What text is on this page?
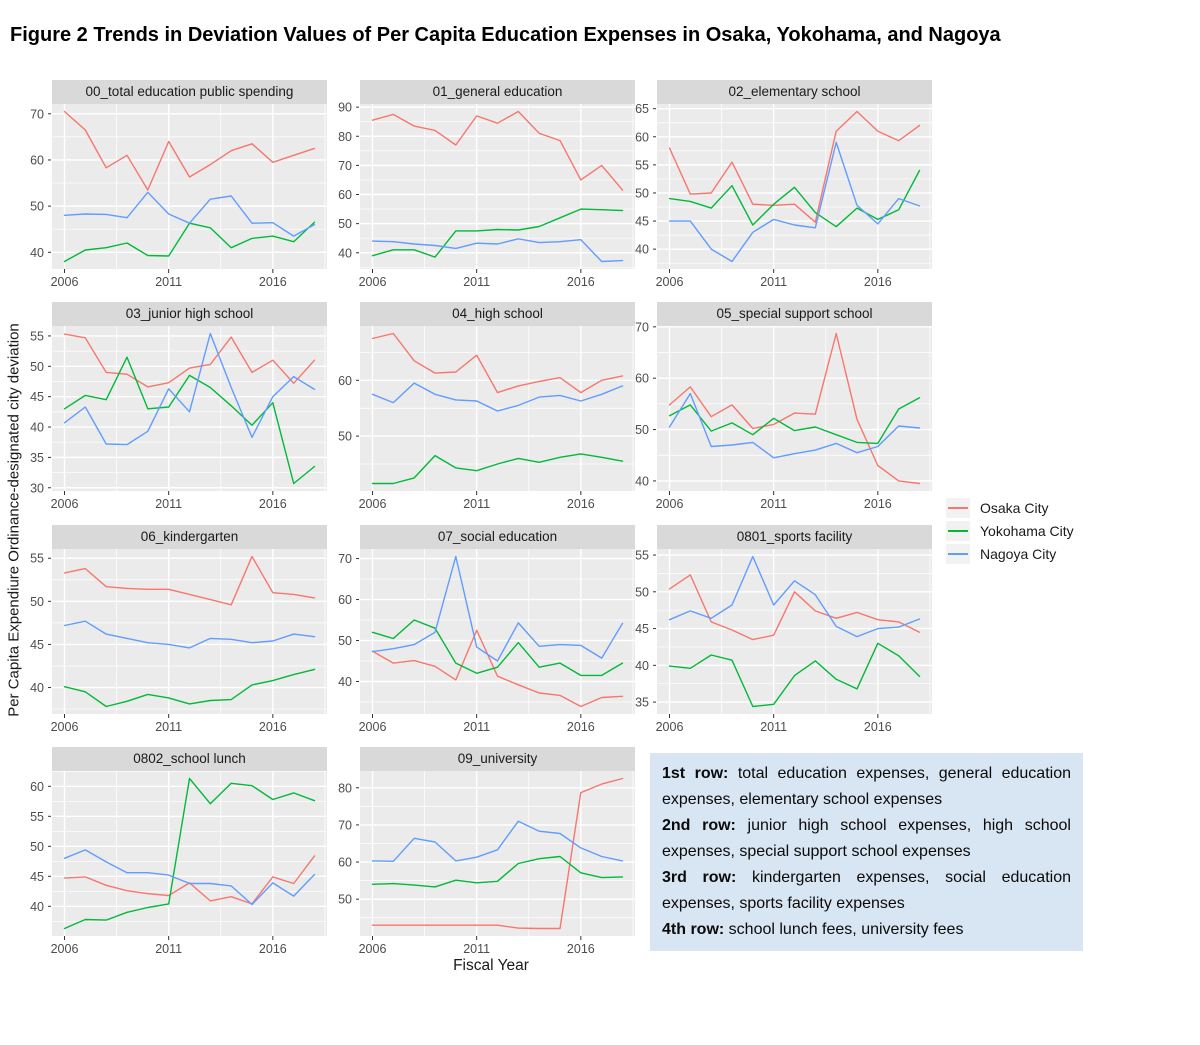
Figure 2 Trends in Deviation Values of Per Capita Education Expenses in Osaka, Yokohama, and Nagoya
00_total education public spending
40
50
60
70
2006	2011	2016
01_general education
40
50
60
70
80
90
2006	2011	2016
02_elementary school
40
45
50
55
60
65
2006	2011	2016
03_junior high school
30
35
40
45
50
55
2006	2011	2016
04_high school
50
60
2006	2011	2016
05_special support school
40
50
60
70
2006	2011	2016
06_kindergarten
40
45
50
55
2006	2011	2016
07_social education
40
50
60
70
2006	2011	2016
0801_sports facility
35
40
45
50
55
2006	2011	2016
0802_school lunch
40
45
50
55
60
2006	2011	2016
09_university
50
60
70
80
2006	2011	2016
Per Capita Expendiure Ordinance-designated city deviation
Fiscal Year
Osaka City
Yokohama City
Nagoya City

1st row: total education expenses, general education expenses, elementary school expenses

2nd row: junior high school expenses, high school expenses, special support school expenses

3rd row: kindergarten expenses, social education expenses, sports facility expenses

4th row: school lunch fees, university fees
